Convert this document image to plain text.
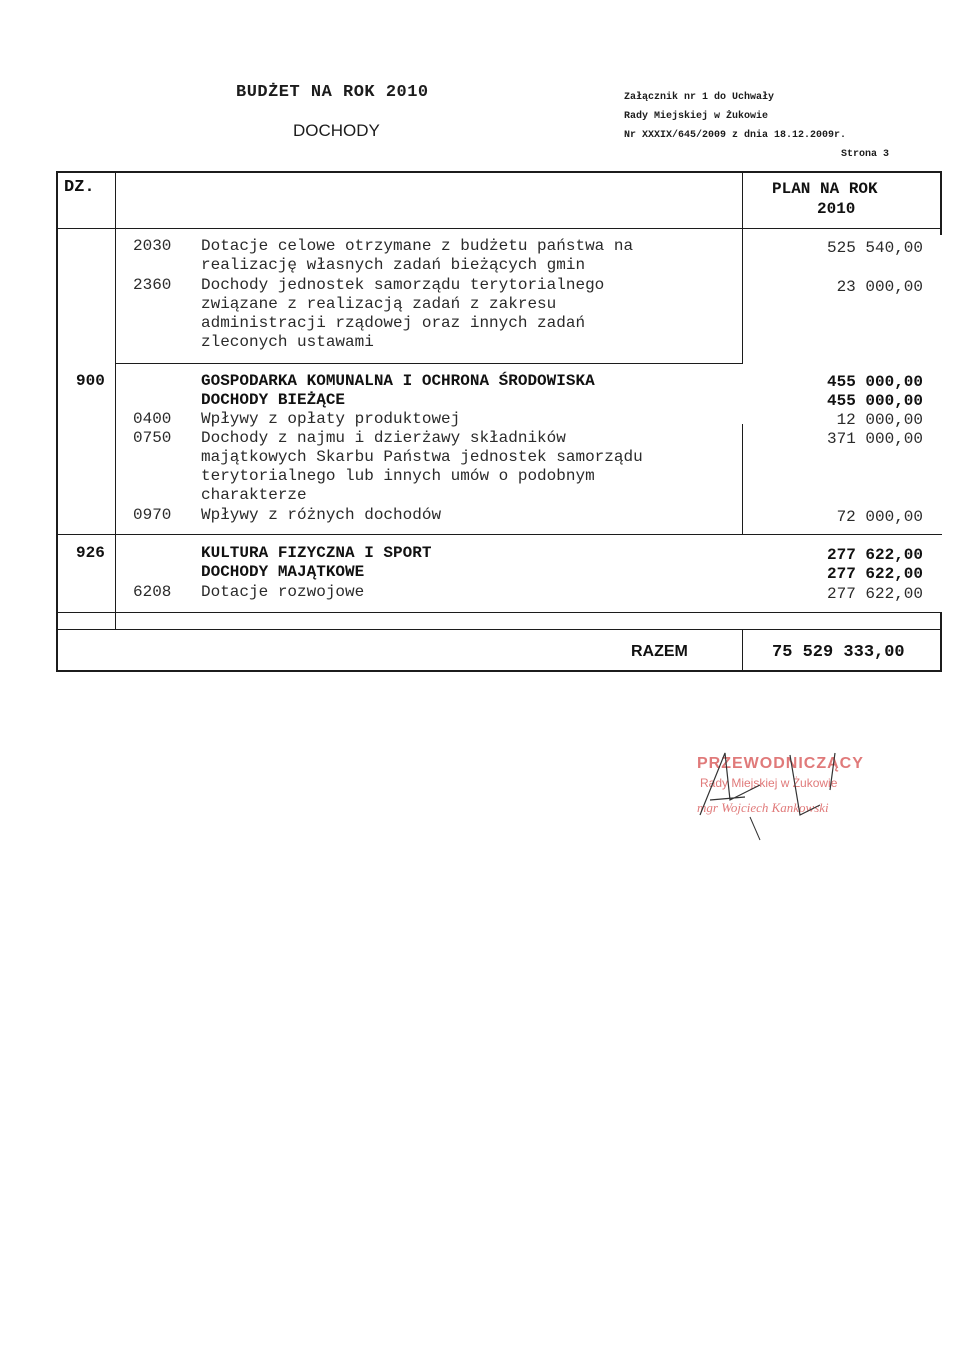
BUDŻET NA ROK 2010
DOCHODY
Załącznik nr 1 do Uchwały
Rady Miejskiej w Żukowie
Nr XXXIX/645/2009 z dnia 18.12.2009r.
Strona 3
DZ.	PLAN NA ROK
2010
2030 Dotacje celowe otrzymane z budżetu państwa na
realizację własnych zadań bieżących gmin
525 540,00
2360 Dochody jednostek samorządu terytorialnego
związane z realizacją zadań z zakresu
administracji rządowej oraz innych zadań
zleconych ustawami
23 000,00
900	GOSPODARKA KOMUNALNA I OCHRONA ŚRODOWISKA	455 000,00
DOCHODY BIEŻĄCE	455 000,00
0400 Wpływy z opłaty produktowej	12 000,00
0750 Dochody z najmu i dzierżawy składników
majątkowych Skarbu Państwa jednostek samorządu
terytorialnego lub innych umów o podobnym
charakterze
371 000,00
0970 Wpływy z różnych dochodów	72 000,00
926	KULTURA FIZYCZNA I SPORT	277 622,00
DOCHODY MAJĄTKOWE	277 622,00
6208 Dotacje rozwojowe	277 622,00
RAZEM	75 529 333,00
PRZEWODNICZĄCY
Rady Miejskiej w Żukowie
mgr Wojciech Kankowski
